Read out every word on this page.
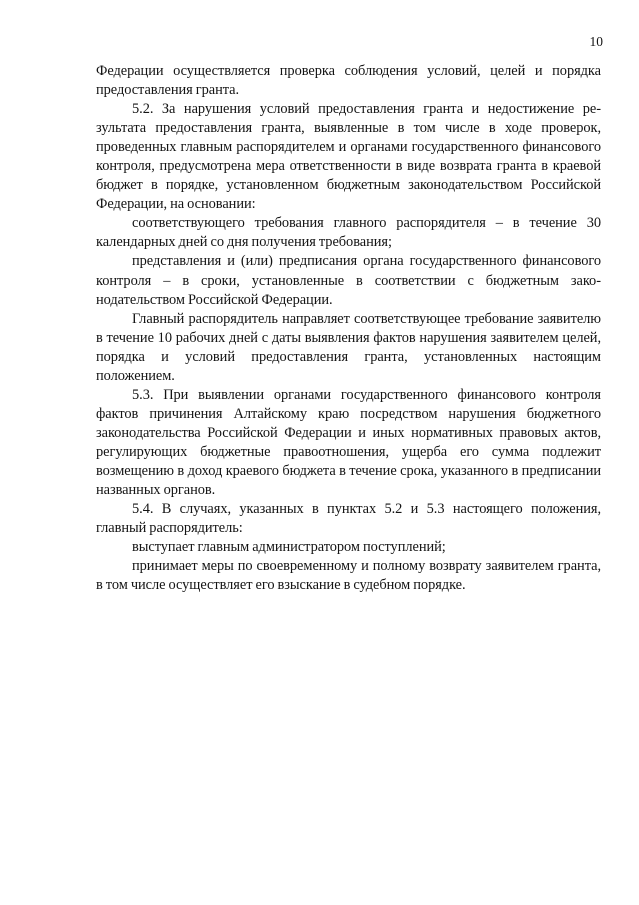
10

Федерации осуществляется проверка соблюдения условий, целей и порядка предоставления гранта.

5.2. За нарушения условий предоставления гранта и недостижение результата предоставления гранта, выявленные в том числе в ходе проверок, проведенных главным распорядителем и органами государственного финансового контроля, предусмотрена мера ответственности в виде возврата гранта в краевой бюджет в порядке, установленном бюджетным законодательством Российской Федерации, на основании:

соответствующего требования главного распорядителя – в течение 30 календарных дней со дня получения требования;

представления и (или) предписания органа государственного финансового контроля – в сроки, установленные в соответствии с бюджетным законодательством Российской Федерации.

Главный распорядитель направляет соответствующее требование заявителю в течение 10 рабочих дней с даты выявления фактов нарушения заявителем целей, порядка и условий предоставления гранта, установленных настоящим положением.

5.3. При выявлении органами государственного финансового контроля фактов причинения Алтайскому краю посредством нарушения бюджетного законодательства Российской Федерации и иных нормативных правовых актов, регулирующих бюджетные правоотношения, ущерба его сумма подлежит возмещению в доход краевого бюджета в течение срока, указанного в предписании названных органов.

5.4. В случаях, указанных в пунктах 5.2 и 5.3 настоящего положения, главный распорядитель:

выступает главным администратором поступлений;

принимает меры по своевременному и полному возврату заявителем гранта, в том числе осуществляет его взыскание в судебном порядке.
